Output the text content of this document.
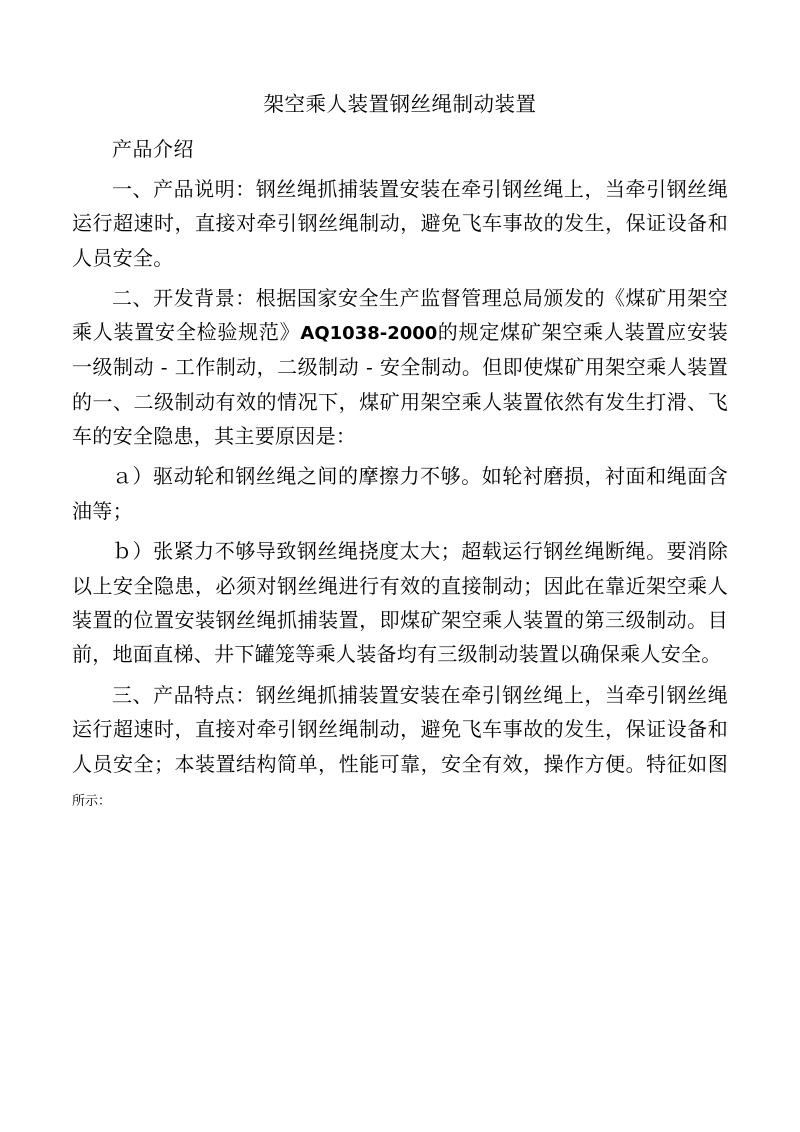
架空乘人装置钢丝绳制动装置

产品介绍

一、产品说明：钢丝绳抓捕装置安装在牵引钢丝绳上，当牵引钢丝绳运行超速时，直接对牵引钢丝绳制动，避免飞车事故的发生，保证设备和人员安全。

二、开发背景：根据国家安全生产监督管理总局颁发的《煤矿用架空乘人装置安全检验规范》AQ1038-2000的规定煤矿架空乘人装置应安装一级制动 - 工作制动，二级制动 - 安全制动。但即使煤矿用架空乘人装置的一、二级制动有效的情况下，煤矿用架空乘人装置依然有发生打滑、飞车的安全隐患，其主要原因是：

ａ）驱动轮和钢丝绳之间的摩擦力不够。如轮衬磨损，衬面和绳面含油等；

ｂ）张紧力不够导致钢丝绳挠度太大；超载运行钢丝绳断绳。要消除以上安全隐患，必须对钢丝绳进行有效的直接制动；因此在靠近架空乘人装置的位置安装钢丝绳抓捕装置，即煤矿架空乘人装置的第三级制动。目前，地面直梯、井下罐笼等乘人装备均有三级制动装置以确保乘人安全。

三、产品特点：钢丝绳抓捕装置安装在牵引钢丝绳上，当牵引钢丝绳运行超速时，直接对牵引钢丝绳制动，避免飞车事故的发生，保证设备和人员安全；本装置结构简单，性能可靠，安全有效，操作方便。特征如图所示：
